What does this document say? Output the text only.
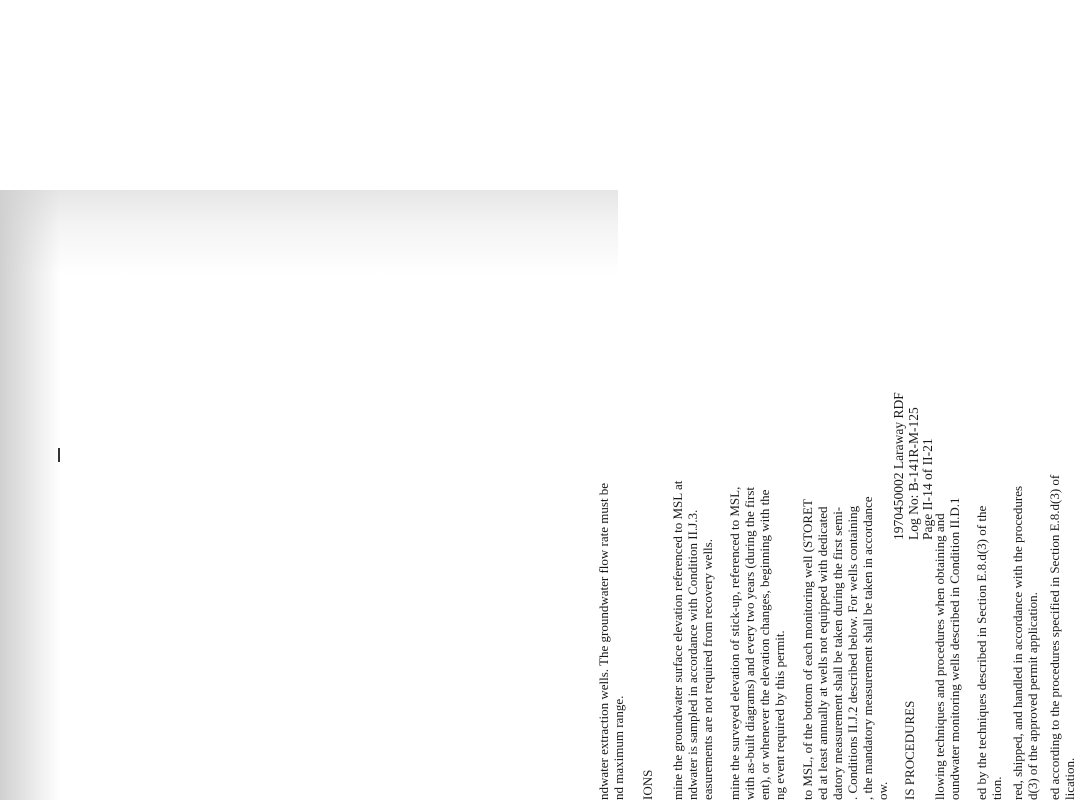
1970450002 Laraway RDF Log No: B-141R-M-125 Page II-14 of II-21
ndwater extraction wells. The groundwater flow rate must be nd maximum range. IONS mine the groundwater surface elevation referenced to MSL at ndwater is sampled in accordance with Condition II.J.3. easurements are not required from recovery wells. mine the surveyed elevation of stick-up, referenced to MSL, with as-built diagrams) and every two years (during the first ent), or whenever the elevation changes, beginning with the ng event required by this permit. to MSL, of the bottom of each monitoring well (STORET ed at least annually at wells not equipped with dedicated datory measurement shall be taken during the first semi- . Conditions II.J.2 described below. For wells containing , the mandatory measurement shall be taken in accordance ow. IS PROCEDURES llowing techniques and procedures when obtaining and oundwater monitoring wells described in Condition II.D.1 ed by the techniques described in Section E.8.d(3) of the tion. red, shipped, and handled in accordance with the procedures d(3) of the approved permit application. ed according to the procedures specified in Section E.8.d(3) of lication.
